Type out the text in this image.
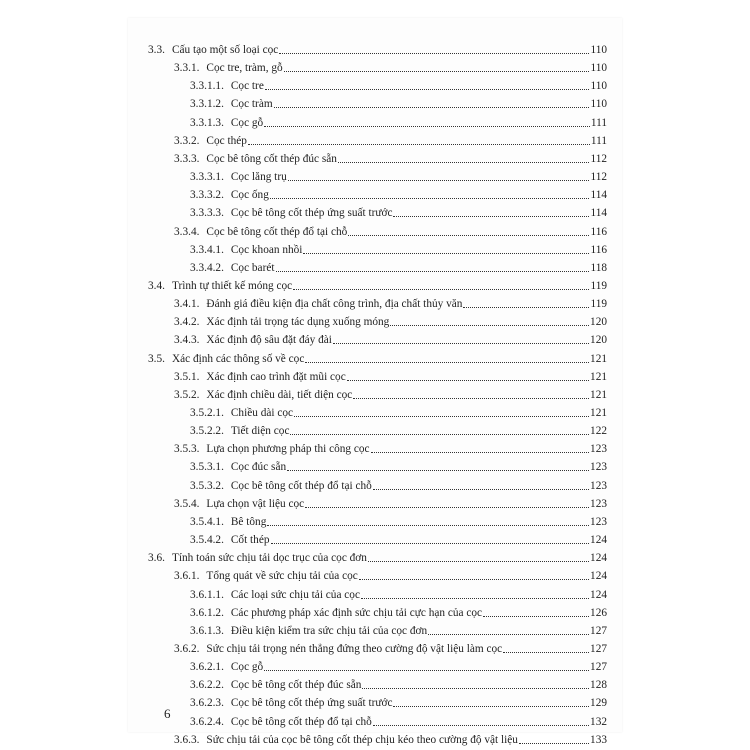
3.3. Cấu tạo một số loại cọc	110
3.3.1. Cọc tre, tràm, gỗ	110
3.3.1.1. Cọc tre	110
3.3.1.2. Cọc tràm	110
3.3.1.3. Cọc gỗ	111
3.3.2. Cọc thép	111
3.3.3. Cọc bê tông cốt thép đúc sẵn	112
3.3.3.1. Cọc lăng trụ	112
3.3.3.2. Cọc ống	114
3.3.3.3. Cọc bê tông cốt thép ứng suất trước	114
3.3.4. Cọc bê tông cốt thép đổ tại chỗ	116
3.3.4.1. Cọc khoan nhồi	116
3.3.4.2. Cọc barét	118
3.4. Trình tự thiết kế móng cọc	119
3.4.1. Đánh giá điều kiện địa chất công trình, địa chất thủy văn	119
3.4.2. Xác định tải trọng tác dụng xuống móng	120
3.4.3. Xác định độ sâu đặt đáy đài	120
3.5. Xác định các thông số về cọc	121
3.5.1. Xác định cao trình đặt mũi cọc	121
3.5.2. Xác định chiều dài, tiết diện cọc	121
3.5.2.1. Chiều dài cọc	121
3.5.2.2. Tiết diện cọc	122
3.5.3. Lựa chọn phương pháp thi công cọc	123
3.5.3.1. Cọc đúc sẵn	123
3.5.3.2. Cọc bê tông cốt thép đổ tại chỗ	123
3.5.4. Lựa chọn vật liệu cọc	123
3.5.4.1. Bê tông	123
3.5.4.2. Cốt thép	124
3.6. Tính toán sức chịu tải dọc trục của cọc đơn	124
3.6.1. Tổng quát về sức chịu tải của cọc	124
3.6.1.1. Các loại sức chịu tải của cọc	124
3.6.1.2. Các phương pháp xác định sức chịu tải cực hạn của cọc	126
3.6.1.3. Điều kiện kiểm tra sức chịu tải của cọc đơn	127
3.6.2. Sức chịu tải trọng nén thẳng đứng theo cường độ vật liệu làm cọc	127
3.6.2.1. Cọc gỗ	127
3.6.2.2. Cọc bê tông cốt thép đúc sẵn	128
3.6.2.3. Cọc bê tông cốt thép ứng suất trước	129
3.6.2.4. Cọc bê tông cốt thép đổ tại chỗ	132
3.6.3. Sức chịu tải của cọc bê tông cốt thép chịu kéo theo cường độ vật liệu	133
6
